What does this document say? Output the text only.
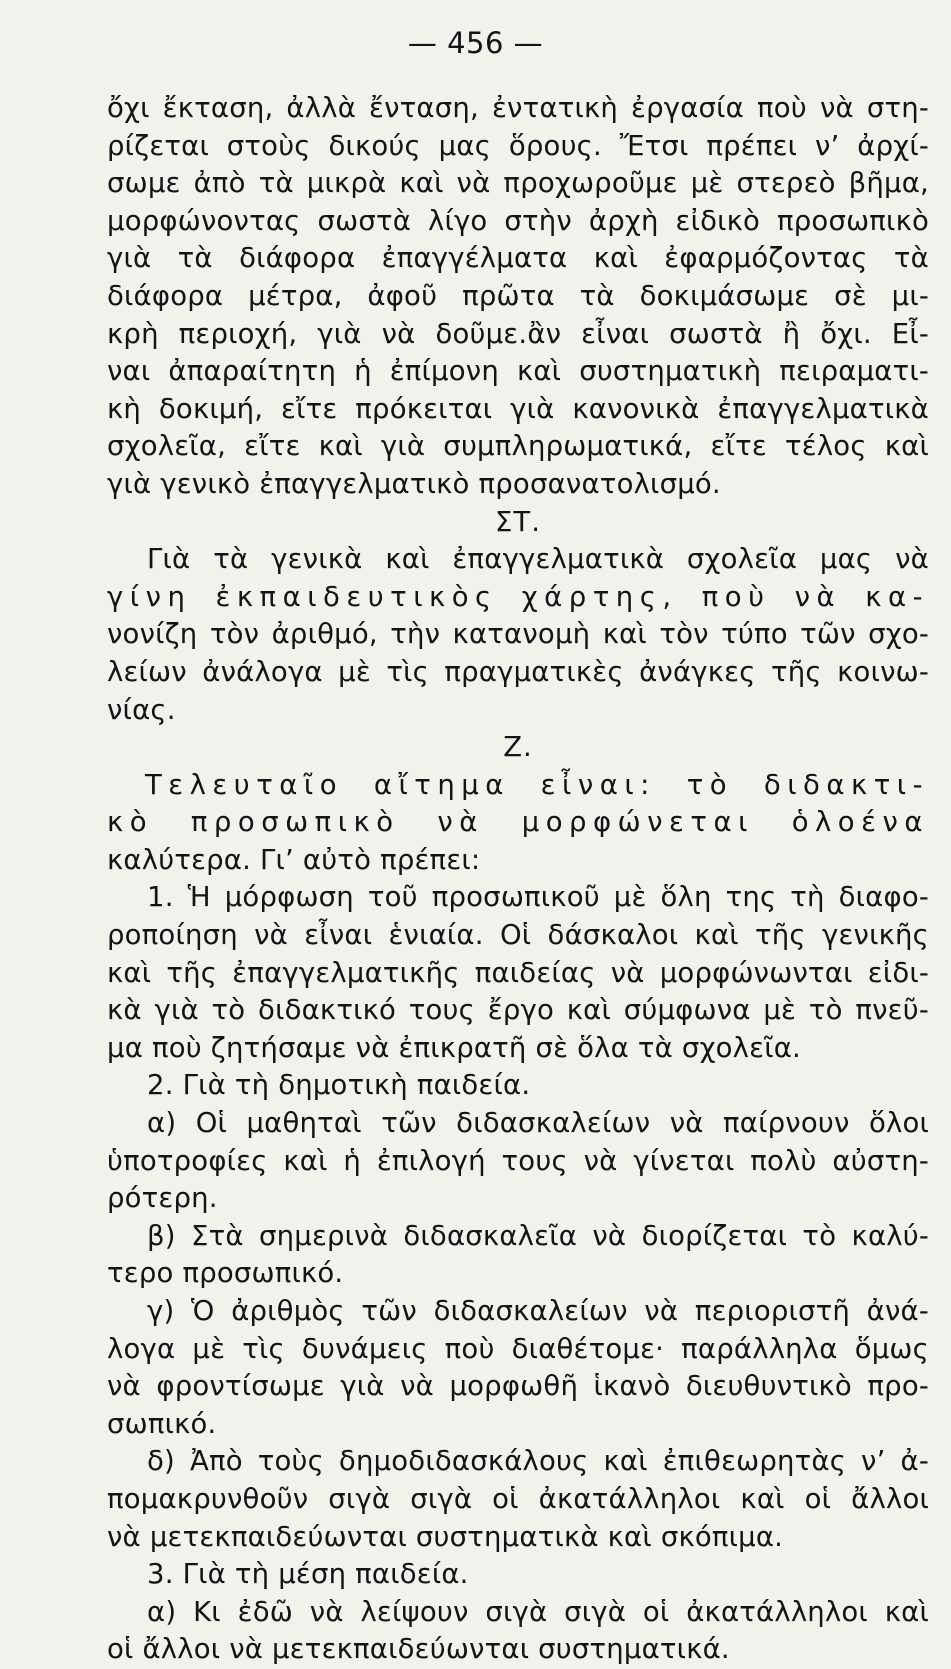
— 456 —
ὄχι ἔκταση, ἀλλὰ ἔνταση, ἐντατικὴ ἐργασία ποὺ νὰ στη-
ρίζεται στοὺς δικούς μας ὅρους. Ἔτσι πρέπει ν’ ἀρχί-
σωμε ἀπὸ τὰ μικρὰ καὶ νὰ προχωροῦμε μὲ στερεὸ βῆμα,
μορφώνοντας σωστὰ λίγο στὴν ἀρχὴ εἰδικὸ προσωπικὸ
γιὰ τὰ διάφορα ἐπαγγέλματα καὶ ἐφαρμόζοντας τὰ
διάφορα μέτρα, ἀφοῦ πρῶτα τὰ δοκιμάσωμε σὲ μι-
κρὴ περιοχή, γιὰ νὰ δοῦμε.ἂν εἶναι σωστὰ ἢ ὄχι. Εἶ-
ναι ἀπαραίτητη ἡ ἐπίμονη καὶ συστηματικὴ πειραματι-
κὴ δοκιμή, εἴτε πρόκειται γιὰ κανονικὰ ἐπαγγελματικὰ
σχολεῖα, εἴτε καὶ γιὰ συμπληρωματικά, εἴτε τέλος καὶ
γιὰ γενικὸ ἐπαγγελματικὸ προσανατολισμό.
ΣΤ.
Γιὰ τὰ γενικὰ καὶ ἐπαγγελματικὰ σχολεῖα μας νὰ
γίνη ἐκπαιδευτικὸς χάρτης, ποὺ νὰ κα-
νονίζη τὸν ἀριθμό, τὴν κατανομὴ καὶ τὸν τύπο τῶν σχο-
λείων ἀνάλογα μὲ τὶς πραγματικὲς ἀνάγκες τῆς κοινω-
νίας.
Ζ.
Τελευταῖο αἴτημα εἶναι: τὸ διδακτι-
κὸ προσωπικὸ νὰ μορφώνεται ὁλοένα
καλύτερα. Γι’ αὐτὸ πρέπει:
1. Ἡ μόρφωση τοῦ προσωπικοῦ μὲ ὅλη της τὴ διαφο-
ροποίηση νὰ εἶναι ἑνιαία. Οἱ δάσκαλοι καὶ τῆς γενικῆς
καὶ τῆς ἐπαγγελματικῆς παιδείας νὰ μορφώνωνται εἰδι-
κὰ γιὰ τὸ διδακτικό τους ἔργο καὶ σύμφωνα μὲ τὸ πνεῦ-
μα ποὺ ζητήσαμε νὰ ἐπικρατῆ σὲ ὅλα τὰ σχολεῖα.
2. Γιὰ τὴ δημοτικὴ παιδεία.
α) Οἱ μαθηταὶ τῶν διδασκαλείων νὰ παίρνουν ὅλοι
ὑποτροφίες καὶ ἡ ἐπιλογή τους νὰ γίνεται πολὺ αὐστη-
ρότερη.
β) Στὰ σημερινὰ διδασκαλεῖα νὰ διορίζεται τὸ καλύ-
τερο προσωπικό.
γ) Ὁ ἀριθμὸς τῶν διδασκαλείων νὰ περιοριστῆ ἀνά-
λογα μὲ τὶς δυνάμεις ποὺ διαθέτομε· παράλληλα ὅμως
νὰ φροντίσωμε γιὰ νὰ μορφωθῆ ἱκανὸ διευθυντικὸ προ-
σωπικό.
δ) Ἀπὸ τοὺς δημοδιδασκάλους καὶ ἐπιθεωρητὰς ν’ ἀ-
πομακρυνθοῦν σιγὰ σιγὰ οἱ ἀκατάλληλοι καὶ οἱ ἄλλοι
νὰ μετεκπαιδεύωνται συστηματικὰ καὶ σκόπιμα.
3. Γιὰ τὴ μέση παιδεία.
α) Κι ἐδῶ νὰ λείψουν σιγὰ σιγὰ οἱ ἀκατάλληλοι καὶ
οἱ ἄλλοι νὰ μετεκπαιδεύωνται συστηματικά.
